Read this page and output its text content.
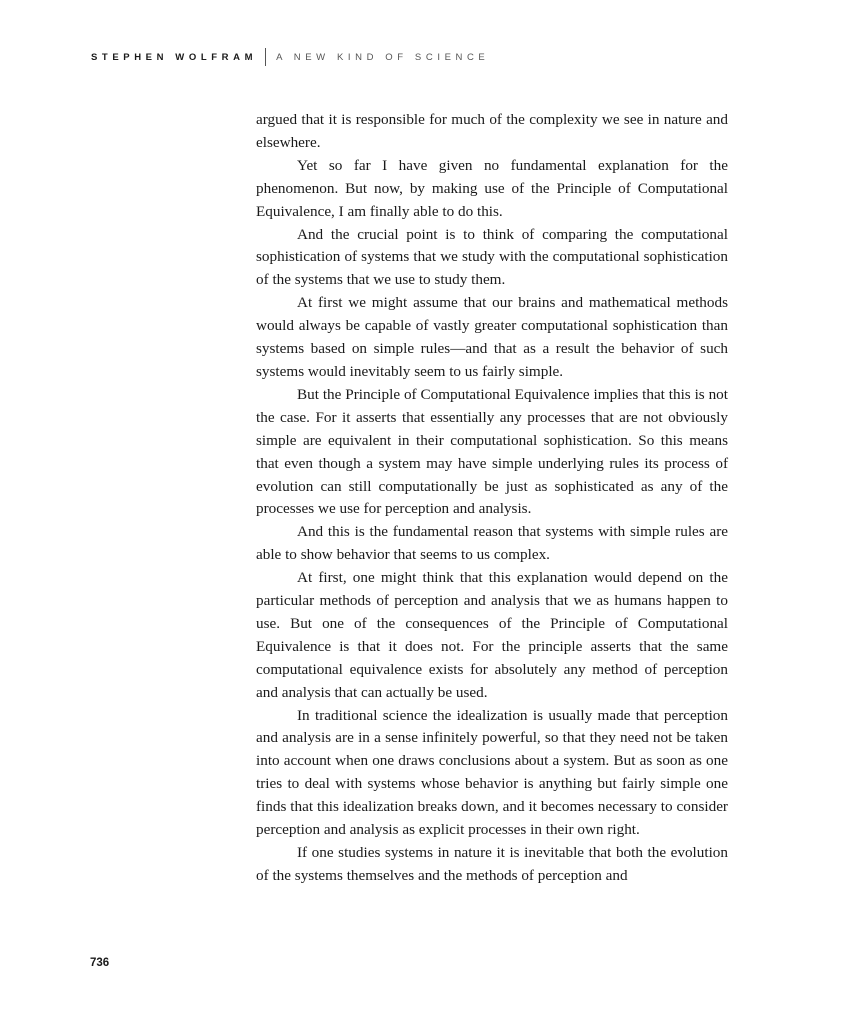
STEPHEN WOLFRAM A NEW KIND OF SCIENCE

argued that it is responsible for much of the complexity we see in nature and elsewhere.

Yet so far I have given no fundamental explanation for the phenomenon. But now, by making use of the Principle of Computational Equivalence, I am finally able to do this.

And the crucial point is to think of comparing the computational sophistication of systems that we study with the computational sophistication of the systems that we use to study them.

At first we might assume that our brains and mathematical methods would always be capable of vastly greater computational sophistication than systems based on simple rules—and that as a result the behavior of such systems would inevitably seem to us fairly simple.

But the Principle of Computational Equivalence implies that this is not the case. For it asserts that essentially any processes that are not obviously simple are equivalent in their computational sophistication. So this means that even though a system may have simple underlying rules its process of evolution can still computationally be just as sophisticated as any of the processes we use for perception and analysis.

And this is the fundamental reason that systems with simple rules are able to show behavior that seems to us complex.

At first, one might think that this explanation would depend on the particular methods of perception and analysis that we as humans happen to use. But one of the consequences of the Principle of Computational Equivalence is that it does not. For the principle asserts that the same computational equivalence exists for absolutely any method of perception and analysis that can actually be used.

In traditional science the idealization is usually made that perception and analysis are in a sense infinitely powerful, so that they need not be taken into account when one draws conclusions about a system. But as soon as one tries to deal with systems whose behavior is anything but fairly simple one finds that this idealization breaks down, and it becomes necessary to consider perception and analysis as explicit processes in their own right.

If one studies systems in nature it is inevitable that both the evolution of the systems themselves and the methods of perception and

736
